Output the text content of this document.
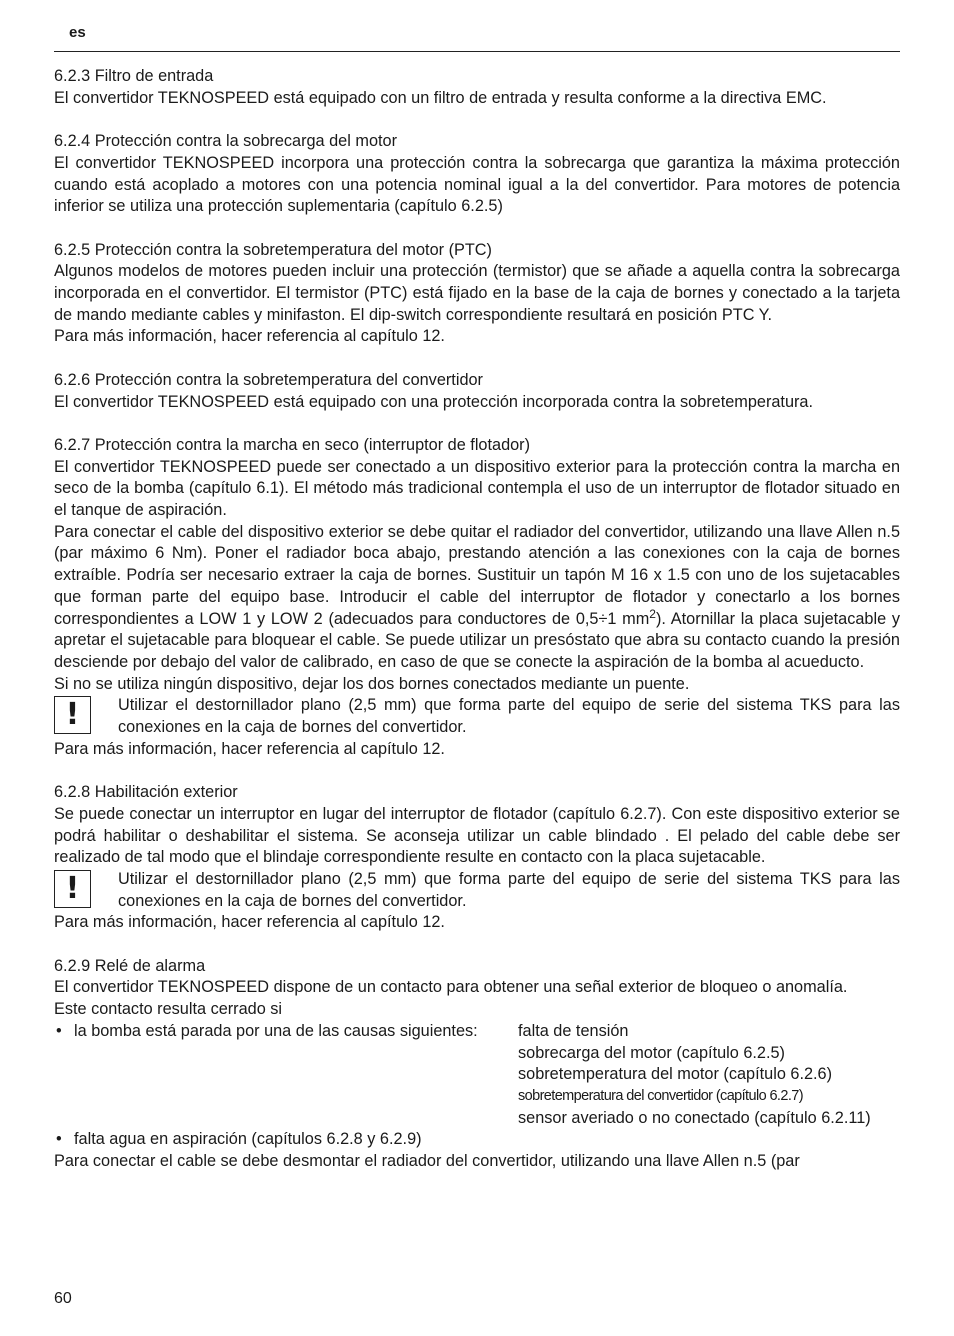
es
6.2.3 Filtro de entrada

El convertidor TEKNOSPEED está equipado con un filtro de entrada y resulta conforme a la directiva EMC.

6.2.4 Protección contra la sobrecarga del motor

El convertidor TEKNOSPEED incorpora una protección contra la sobrecarga que garantiza la máxima protección cuando está acoplado a motores con una potencia nominal igual a la del convertidor. Para motores de potencia inferior se utiliza una protección suplementaria (capítulo 6.2.5)

6.2.5 Protección contra la sobretemperatura del motor (PTC)

Algunos modelos de motores pueden incluir una protección (termistor) que se añade a aquella contra la sobrecarga incorporada en el convertidor. El termistor (PTC) está fijado en la base de la caja de bornes y conectado a la tarjeta de mando mediante cables y minifaston. El dip-switch correspondiente resultará en posición PTC Y.

Para más información, hacer referencia al capítulo 12.

6.2.6 Protección contra la sobretemperatura del convertidor

El convertidor TEKNOSPEED está equipado con una protección incorporada contra la sobretemperatura.

6.2.7 Protección contra la marcha en seco (interruptor de flotador)

El convertidor TEKNOSPEED puede ser conectado a un dispositivo exterior para la protección contra la marcha en seco de la bomba (capítulo 6.1). El método más tradicional contempla el uso de un interruptor de flotador situado en el tanque de aspiración.

Para conectar el cable del dispositivo exterior se debe quitar el radiador del convertidor, utilizando una llave Allen n.5 (par máximo 6 Nm). Poner el radiador boca abajo, prestando atención a las conexiones con la caja de bornes extraíble. Podría ser necesario extraer la caja de bornes. Sustituir un tapón M 16 x 1.5 con uno de los sujetacables que forman parte del equipo base. Introducir el cable del interruptor de flotador y conectarlo a los bornes correspondientes a LOW 1 y LOW 2 (adecuados para conductores de 0,5÷1 $mm^2$). Atornillar la placa sujetacable y apretar el sujetacable para bloquear el cable. Se puede utilizar un presóstato que abra su contacto cuando la presión desciende por debajo del valor de calibrado, en caso de que se conecte la aspiración de la bomba al acueducto.

Si no se utiliza ningún dispositivo, dejar los dos bornes conectados mediante un puente.

!	Utilizar el destornillador plano (2,5 mm) que forma parte del equipo de serie del sistema TKS para las conexiones en la caja de bornes del convertidor.

Para más información, hacer referencia al capítulo 12.

6.2.8 Habilitación exterior

Se puede conectar un interruptor en lugar del interruptor de flotador (capítulo 6.2.7). Con este dispositivo exterior se podrá habilitar o deshabilitar el sistema. Se aconseja utilizar un cable blindado . El pelado del cable debe ser realizado de tal modo que el blindaje correspondiente resulte en contacto con la placa sujetacable.

!	Utilizar el destornillador plano (2,5 mm) que forma parte del equipo de serie del sistema TKS para las conexiones en la caja de bornes del convertidor.

Para más información, hacer referencia al capítulo 12.

6.2.9 Relé de alarma

El convertidor TEKNOSPEED dispone de un contacto para obtener una señal exterior de bloqueo o anomalía.

Este contacto resulta cerrado si

• la bomba está parada por una de las causas siguientes:	falta de tensión
sobrecarga del motor (capítulo 6.2.5)
sobretemperatura del motor (capítulo 6.2.6)
sobretemperatura del convertidor (capítulo 6.2.7)
sensor averiado o no conectado (capítulo 6.2.11)
• falta agua en aspiración (capítulos 6.2.8 y 6.2.9)

Para conectar el cable se debe desmontar el radiador del convertidor, utilizando una llave Allen n.5 (par

60
